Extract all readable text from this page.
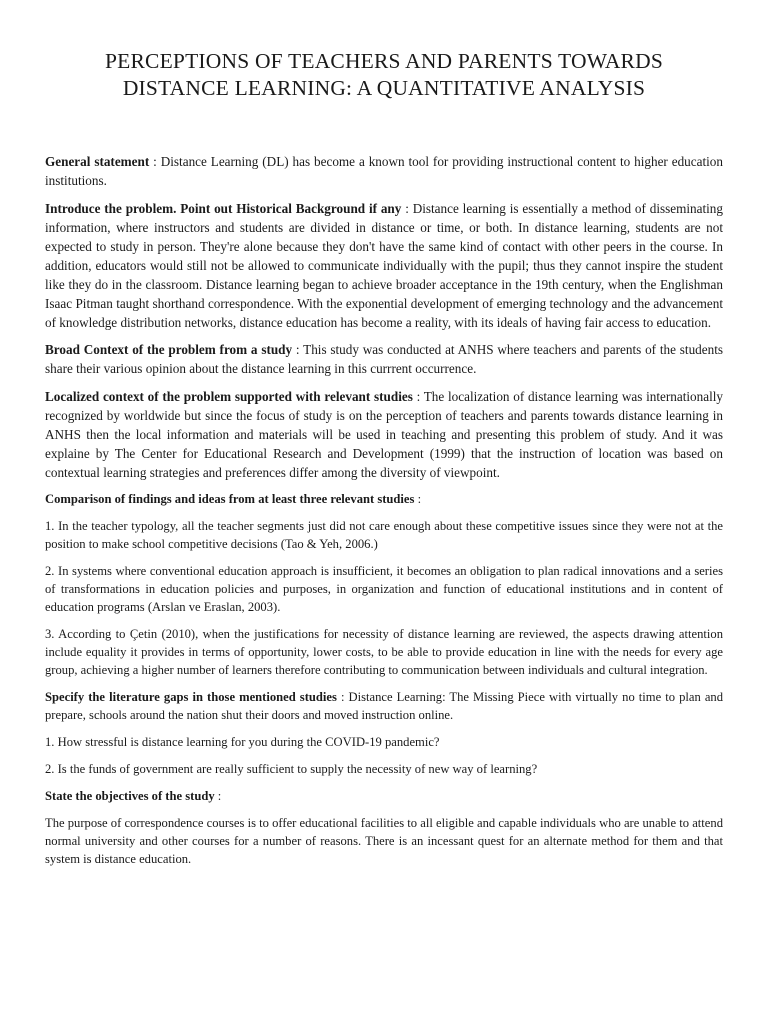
PERCEPTIONS OF TEACHERS AND PARENTS TOWARDS
DISTANCE LEARNING: A QUANTITATIVE ANALYSIS

General statement : Distance Learning (DL) has become a known tool for providing instructional content to higher education institutions.

Introduce the problem. Point out Historical Background if any : Distance learning is essentially a method of disseminating information, where instructors and students are divided in distance or time, or both. In distance learning, students are not expected to study in person. They're alone because they don't have the same kind of contact with other peers in the course. In addition, educators would still not be allowed to communicate individually with the pupil; thus they cannot inspire the student like they do in the classroom. Distance learning began to achieve broader acceptance in the 19th century, when the Englishman Isaac Pitman taught shorthand correspondence. With the exponential development of emerging technology and the advancement of knowledge distribution networks, distance education has become a reality, with its ideals of having fair access to education.

Broad Context of the problem from a study : This study was conducted at ANHS where teachers and parents of the students share their various opinion about the distance learning in this currrent occurrence.

Localized context of the problem supported with relevant studies : The localization of distance learning was internationally recognized by worldwide but since the focus of study is on the perception of teachers and parents towards distance learning in ANHS then the local information and materials will be used in teaching and presenting this problem of study. And it was explaine by The Center for Educational Research and Development (1999) that the instruction of location was based on contextual learning strategies and preferences differ among the diversity of viewpoint.

Comparison of findings and ideas from at least three relevant studies :

1. In the teacher typology, all the teacher segments just did not care enough about these competitive issues since they were not at the position to make school competitive decisions (Tao & Yeh, 2006.)

2. In systems where conventional education approach is insufficient, it becomes an obligation to plan radical innovations and a series of transformations in education policies and purposes, in organization and function of educational institutions and in content of education programs (Arslan ve Eraslan, 2003).

3. According to Çetin (2010), when the justifications for necessity of distance learning are reviewed, the aspects drawing attention include equality it provides in terms of opportunity, lower costs, to be able to provide education in line with the needs for every age group, achieving a higher number of learners therefore contributing to communication between individuals and cultural integration.

Specify the literature gaps in those mentioned studies : Distance Learning: The Missing Piece with virtually no time to plan and prepare, schools around the nation shut their doors and moved instruction online.

1. How stressful is distance learning for you during the COVID-19 pandemic?

2. Is the funds of government are really sufficient to supply the necessity of new way of learning?

State the objectives of the study :

The purpose of correspondence courses is to offer educational facilities to all eligible and capable individuals who are unable to attend normal university and other courses for a number of reasons. There is an incessant quest for an alternate method for them and that system is distance education.
